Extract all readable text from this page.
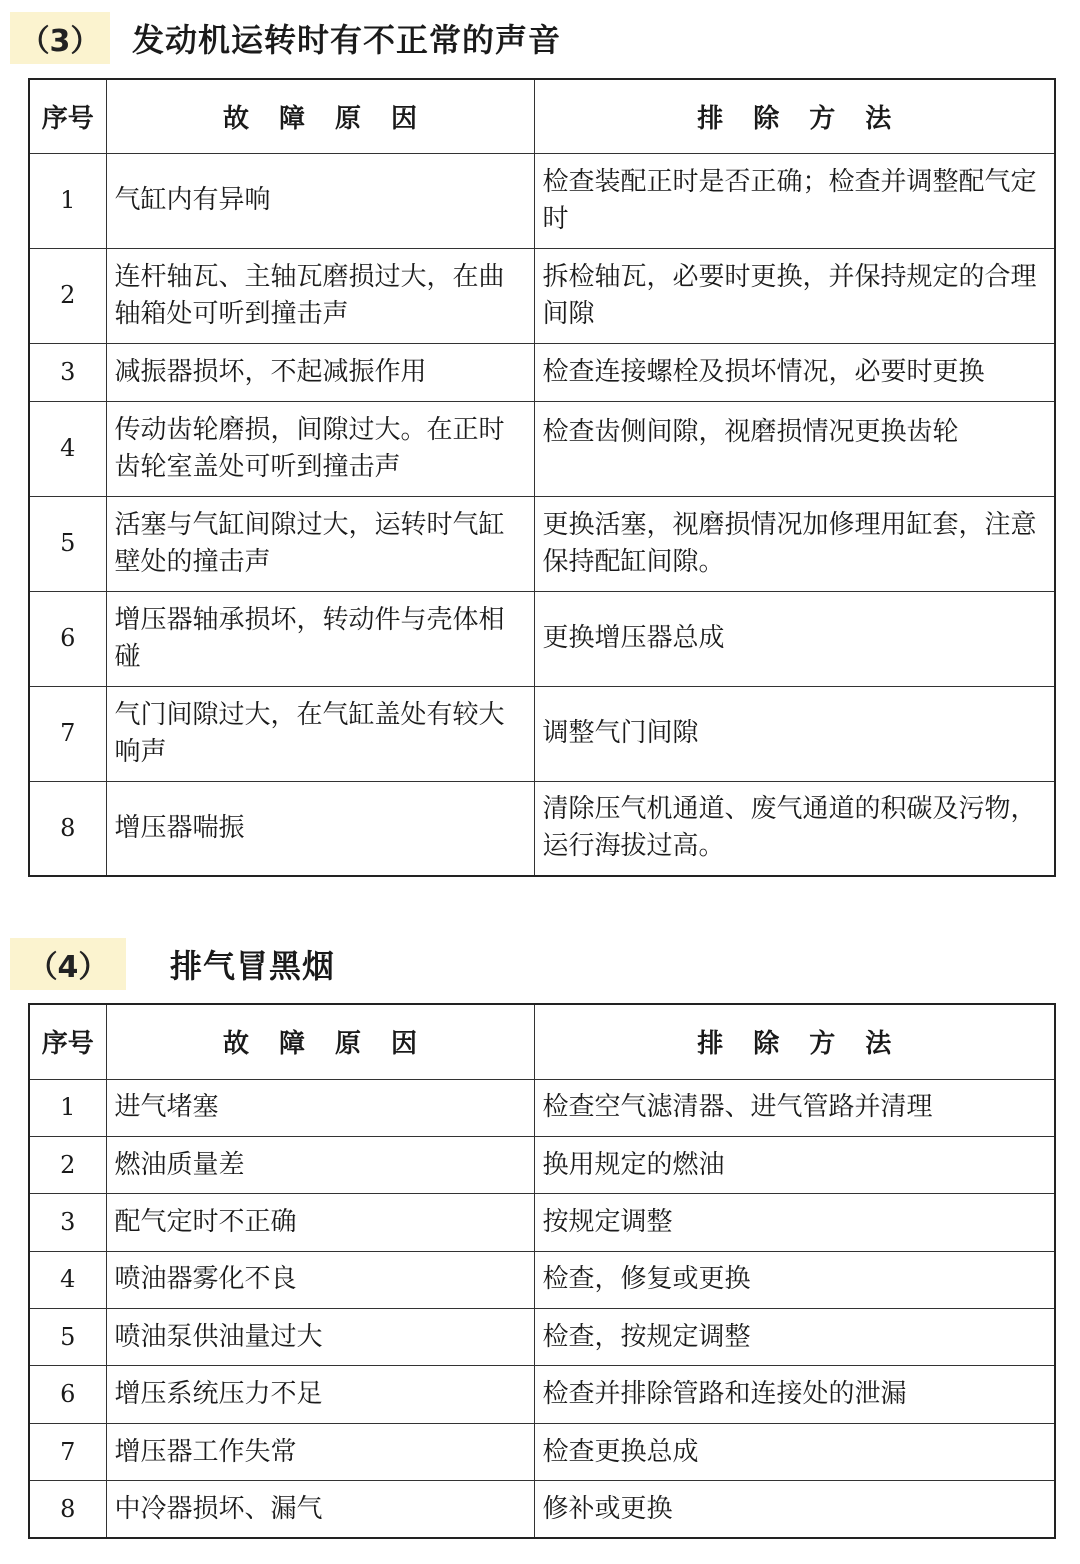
（3） 发动机运转时有不正常的声音
序号	故障原因	排除方法
1	气缸内有异响	检查装配正时是否正确；检查并调整配气定时
2	连杆轴瓦、主轴瓦磨损过大，在曲轴箱处可听到撞击声	拆检轴瓦，必要时更换，并保持规定的合理间隙
3	减振器损坏，不起减振作用	检查连接螺栓及损坏情况，必要时更换
4	传动齿轮磨损，间隙过大。在正时齿轮室盖处可听到撞击声	检查齿侧间隙，视磨损情况更换齿轮
5	活塞与气缸间隙过大，运转时气缸壁处的撞击声	更换活塞，视磨损情况加修理用缸套，注意保持配缸间隙。
6	增压器轴承损坏，转动件与壳体相碰	更换增压器总成
7	气门间隙过大，在气缸盖处有较大响声	调整气门间隙
8	增压器喘振	清除压气机通道、废气通道的积碳及污物，运行海拔过高。
（4）	排气冒黑烟
序号	故障原因	排除方法
1	进气堵塞	检查空气滤清器、进气管路并清理
2	燃油质量差	换用规定的燃油
3	配气定时不正确	按规定调整
4	喷油器雾化不良	检查，修复或更换
5	喷油泵供油量过大	检查，按规定调整
6	增压系统压力不足	检查并排除管路和连接处的泄漏
7	增压器工作失常	检查更换总成
8	中冷器损坏、漏气	修补或更换
